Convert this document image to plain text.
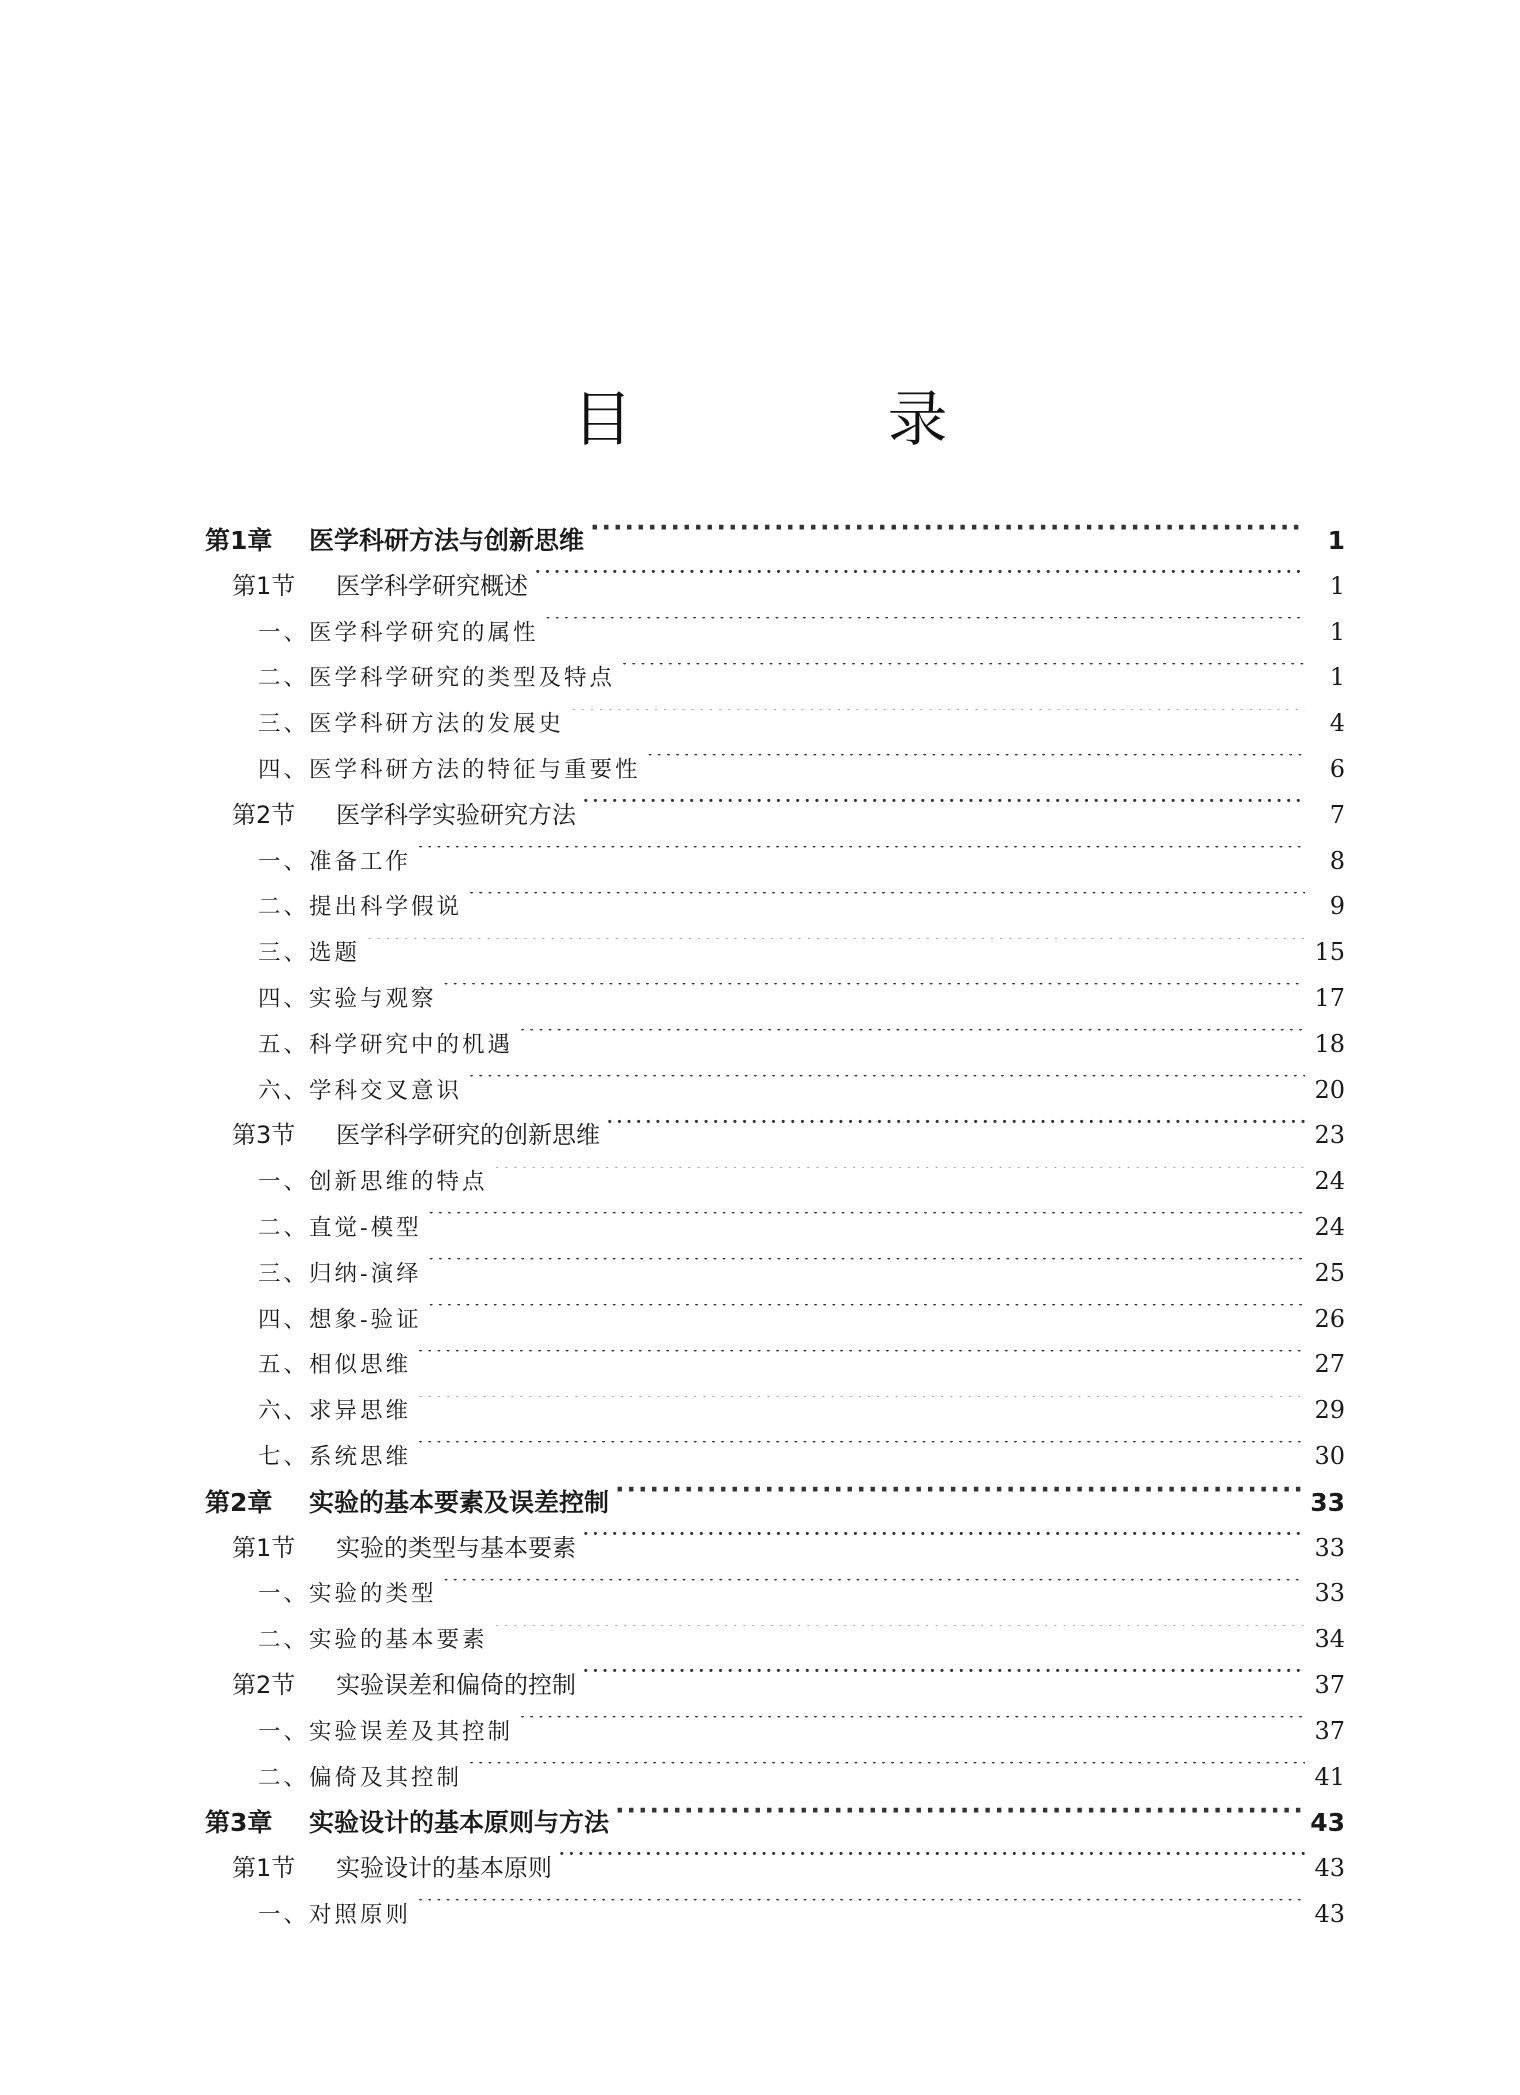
目 录
第1章	医学科研方法与创新思维 ·····	1
第1节	医学科学研究概述 ·····	1
一、医学科学研究的属性 ·····	1
二、医学科学研究的类型及特点 ·····	1
三、医学科研方法的发展史 ·····	4
四、医学科研方法的特征与重要性 ·····	6
第2节	医学科学实验研究方法 ·····	7
一、准备工作 ·····	8
二、提出科学假说 ·····	9
三、选题 ·····	15
四、实验与观察 ·····	17
五、科学研究中的机遇 ·····	18
六、学科交叉意识 ·····	20
第3节	医学科学研究的创新思维 ·····	23
一、创新思维的特点 ·····	24
二、直觉-模型 ·····	24
三、归纳-演绎 ·····	25
四、想象-验证 ·····	26
五、相似思维 ·····	27
六、求异思维 ·····	29
七、系统思维 ·····	30
第2章	实验的基本要素及误差控制 ·····	33
第1节	实验的类型与基本要素 ·····	33
一、实验的类型 ·····	33
二、实验的基本要素 ·····	34
第2节	实验误差和偏倚的控制 ·····	37
一、实验误差及其控制 ·····	37
二、偏倚及其控制 ·····	41
第3章	实验设计的基本原则与方法 ·····	43
第1节	实验设计的基本原则 ·····	43
一、对照原则 ·····	43
